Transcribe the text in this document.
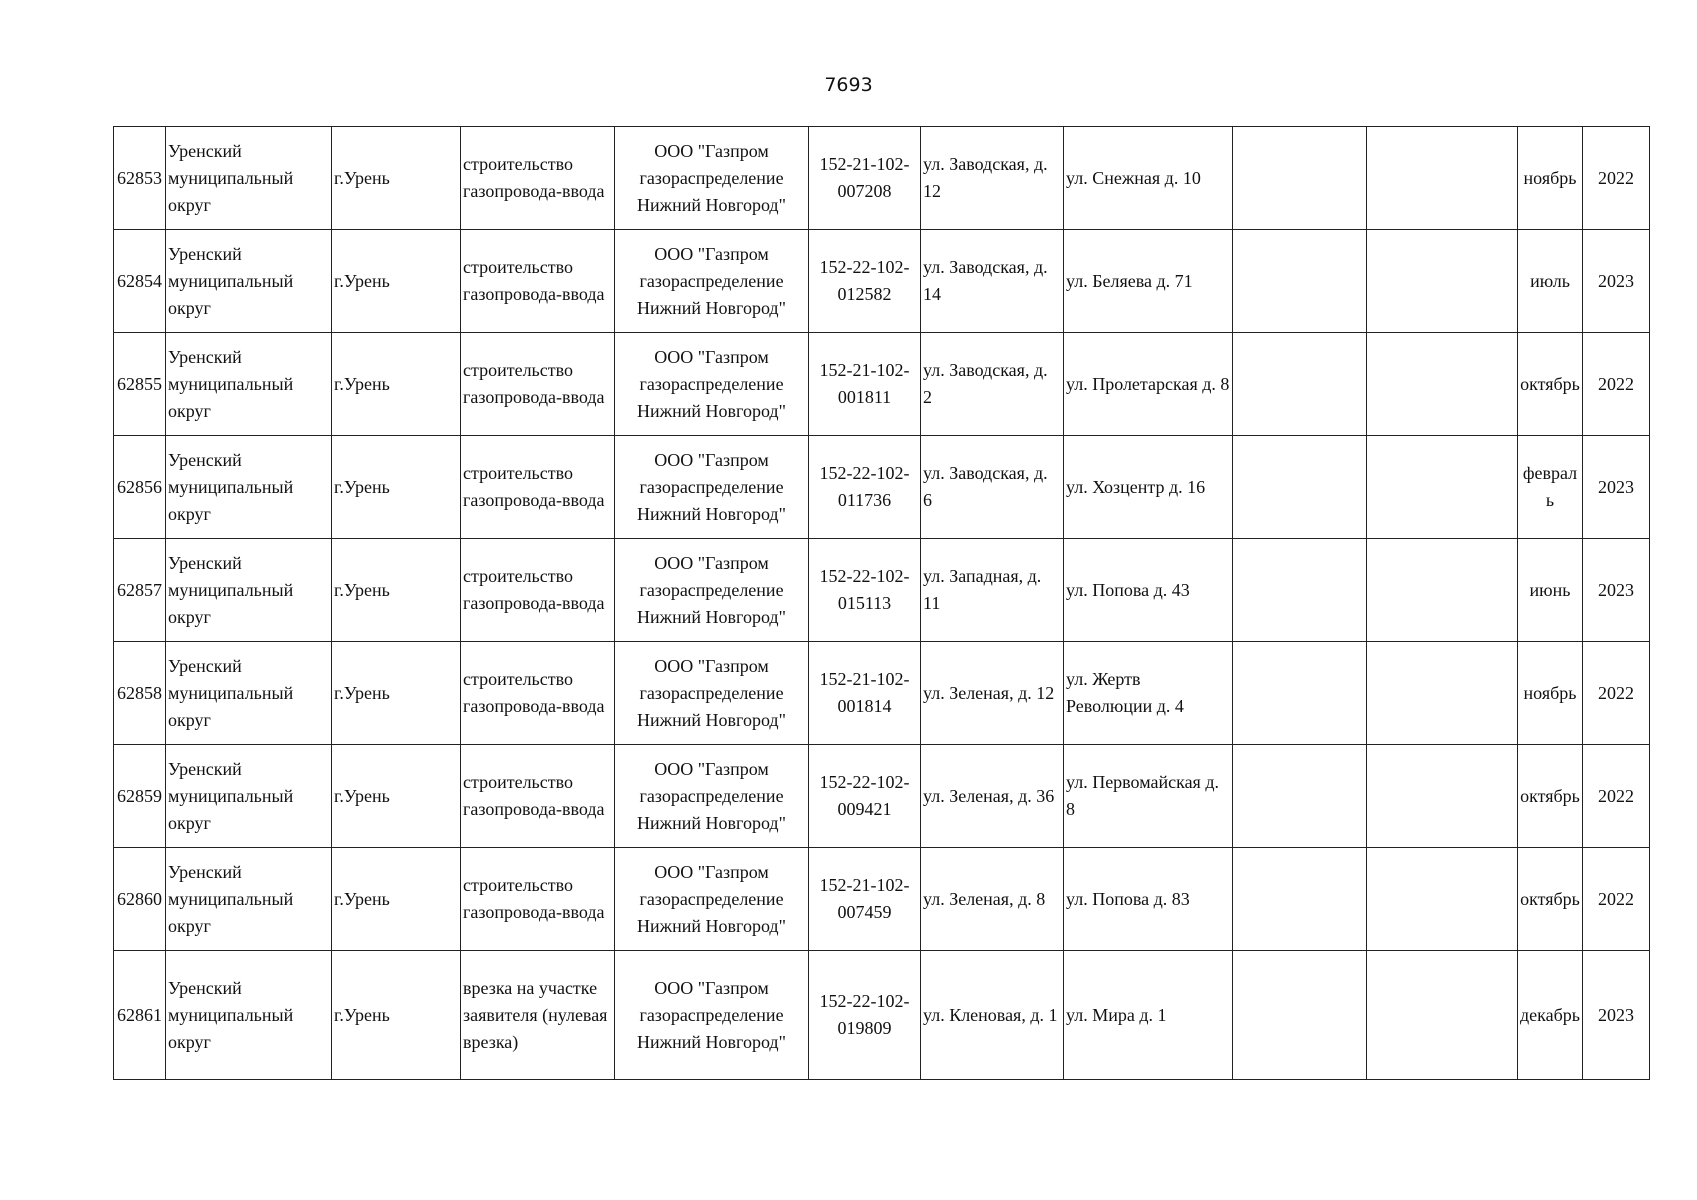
7693
62853	Уренский муниципальный округ	г.Урень	строительство газопровода-ввода	ООО "Газпром газораспределение Нижний Новгород"	152-21-102-007208	ул. Заводская, д. 12	ул. Снежная д. 10			ноябрь	2022
62854	Уренский муниципальный округ	г.Урень	строительство газопровода-ввода	ООО "Газпром газораспределение Нижний Новгород"	152-22-102-012582	ул. Заводская, д. 14	ул. Беляева д. 71			июль	2023
62855	Уренский муниципальный округ	г.Урень	строительство газопровода-ввода	ООО "Газпром газораспределение Нижний Новгород"	152-21-102-001811	ул. Заводская, д. 2	ул. Пролетарская д. 8			октябрь	2022
62856	Уренский муниципальный округ	г.Урень	строительство газопровода-ввода	ООО "Газпром газораспределение Нижний Новгород"	152-22-102-011736	ул. Заводская, д. 6	ул. Хозцентр д. 16			февраль	2023
62857	Уренский муниципальный округ	г.Урень	строительство газопровода-ввода	ООО "Газпром газораспределение Нижний Новгород"	152-22-102-015113	ул. Западная, д. 11	ул. Попова д. 43			июнь	2023
62858	Уренский муниципальный округ	г.Урень	строительство газопровода-ввода	ООО "Газпром газораспределение Нижний Новгород"	152-21-102-001814	ул. Зеленая, д. 12	ул. Жертв Революции д. 4			ноябрь	2022
62859	Уренский муниципальный округ	г.Урень	строительство газопровода-ввода	ООО "Газпром газораспределение Нижний Новгород"	152-22-102-009421	ул. Зеленая, д. 36	ул. Первомайская д. 8			октябрь	2022
62860	Уренский муниципальный округ	г.Урень	строительство газопровода-ввода	ООО "Газпром газораспределение Нижний Новгород"	152-21-102-007459	ул. Зеленая, д. 8	ул. Попова д. 83			октябрь	2022
62861	Уренский муниципальный округ	г.Урень	врезка на участке заявителя (нулевая врезка)	ООО "Газпром газораспределение Нижний Новгород"	152-22-102-019809	ул. Кленовая, д. 1	ул. Мира д. 1			декабрь	2023
